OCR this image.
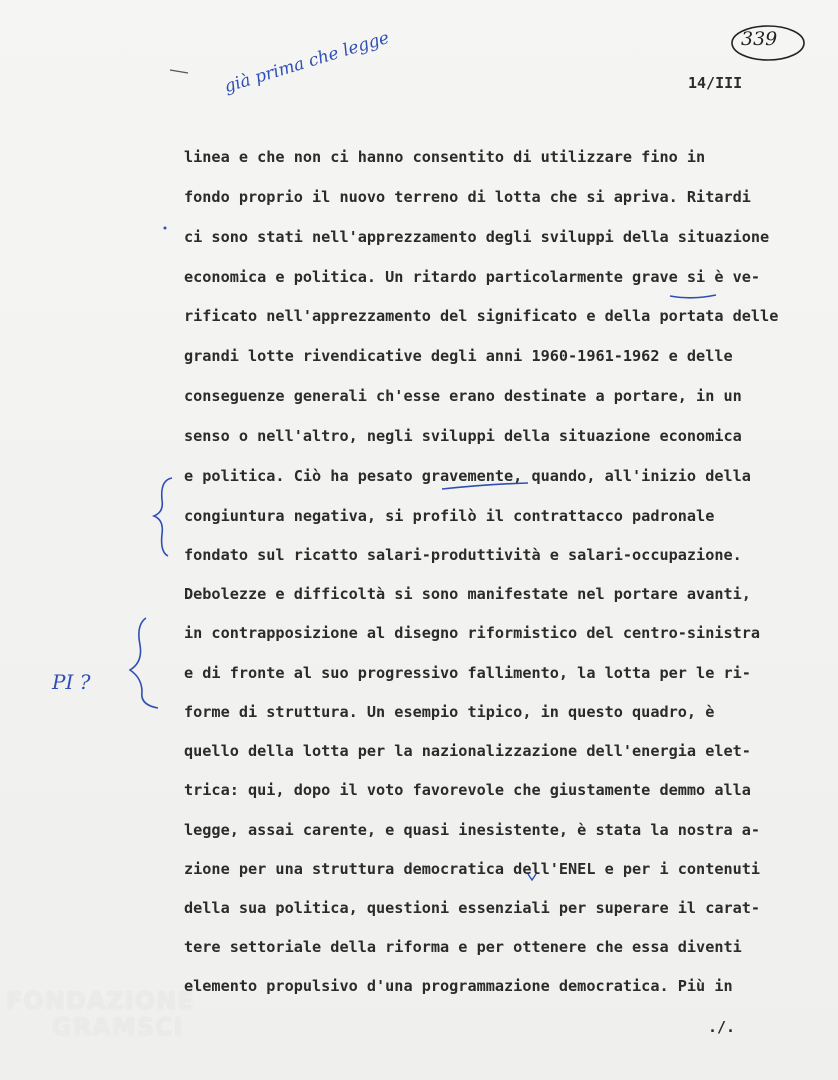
339
14/III
già prima che legge
PI ?

linea e che non ci hanno consentito di utilizzare fino in

fondo proprio il nuovo terreno di lotta che si apriva. Ritardi

ci sono stati nell'apprezzamento degli sviluppi della situazione

economica e politica. Un ritardo particolarmente grave si è ve-

rificato nell'apprezzamento del significato e della portata delle

grandi lotte rivendicative degli anni 1960-1961-1962 e delle

conseguenze generali ch'esse erano destinate a portare, in un

senso o nell'altro, negli sviluppi della situazione economica

e politica. Ciò ha pesato gravemente, quando, all'inizio della

congiuntura negativa, si profilò il contrattacco padronale

fondato sul ricatto salari-produttività e salari-occupazione.

Debolezze e difficoltà si sono manifestate nel portare avanti,

in contrapposizione al disegno riformistico del centro-sinistra

e di fronte al suo progressivo fallimento, la lotta per le ri-

forme di struttura. Un esempio tipico, in questo quadro, è

quello della lotta per la nazionalizzazione dell'energia elet-

trica: qui, dopo il voto favorevole che giustamente demmo alla

legge, assai carente, e quasi inesistente, è stata la nostra a-

zione per una struttura democratica dell'ENEL e per i contenuti

della sua politica, questioni essenziali per superare il carat-

tere settoriale della riforma e per ottenere che essa diventi

elemento propulsivo d'una programmazione democratica. Più in

./.
FONDAZIONE
GRAMSCI
